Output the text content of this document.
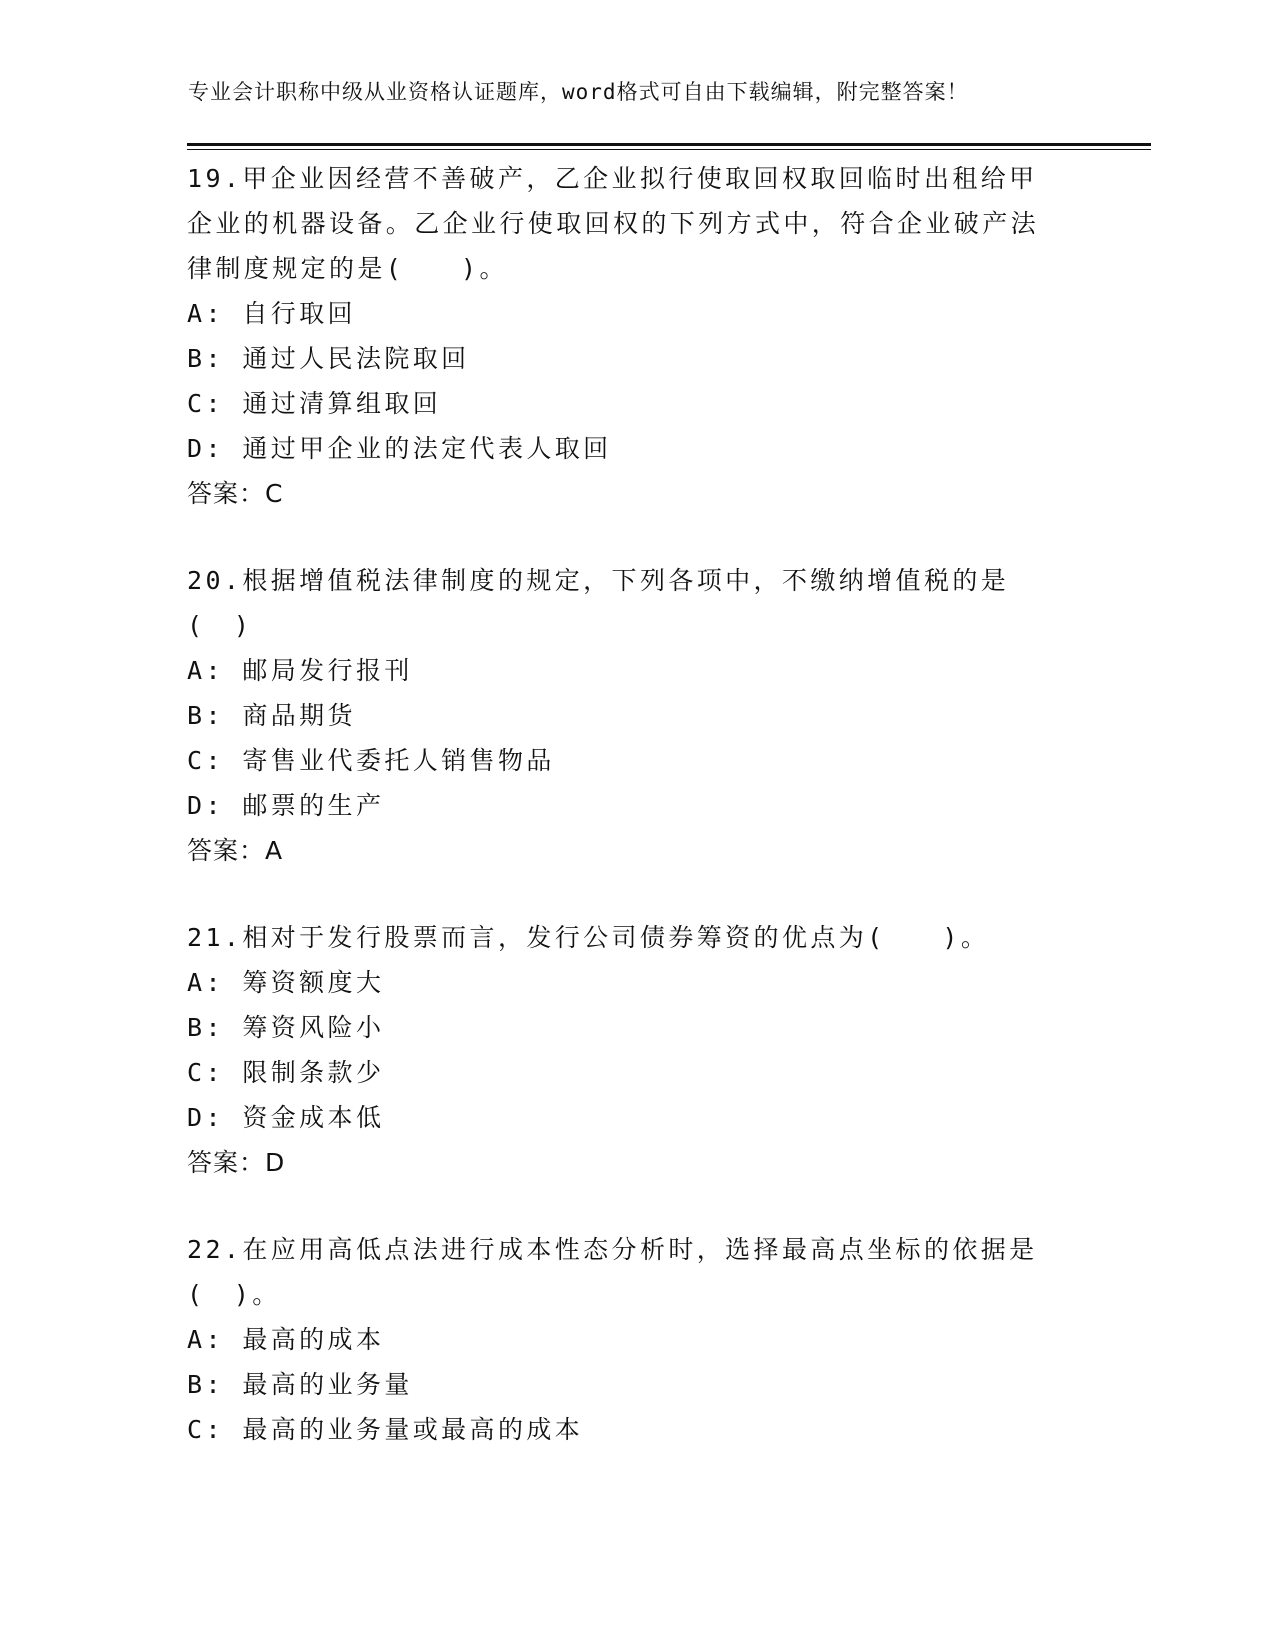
专业会计职称中级从业资格认证题库，word格式可自由下载编辑，附完整答案！
19.甲企业因经营不善破产，乙企业拟行使取回权取回临时出租给甲企业的机器设备。乙企业行使取回权的下列方式中，符合企业破产法律制度规定的是(　　)。
A: 自行取回
B: 通过人民法院取回
C: 通过清算组取回
D: 通过甲企业的法定代表人取回
答案：C
20.根据增值税法律制度的规定，下列各项中，不缴纳增值税的是(　)
A: 邮局发行报刊
B: 商品期货
C: 寄售业代委托人销售物品
D: 邮票的生产
答案：A
21.相对于发行股票而言，发行公司债券筹资的优点为(　　)。
A: 筹资额度大
B: 筹资风险小
C: 限制条款少
D: 资金成本低
答案：D
22.在应用高低点法进行成本性态分析时，选择最高点坐标的依据是(　)。
A: 最高的成本
B: 最高的业务量
C: 最高的业务量或最高的成本
